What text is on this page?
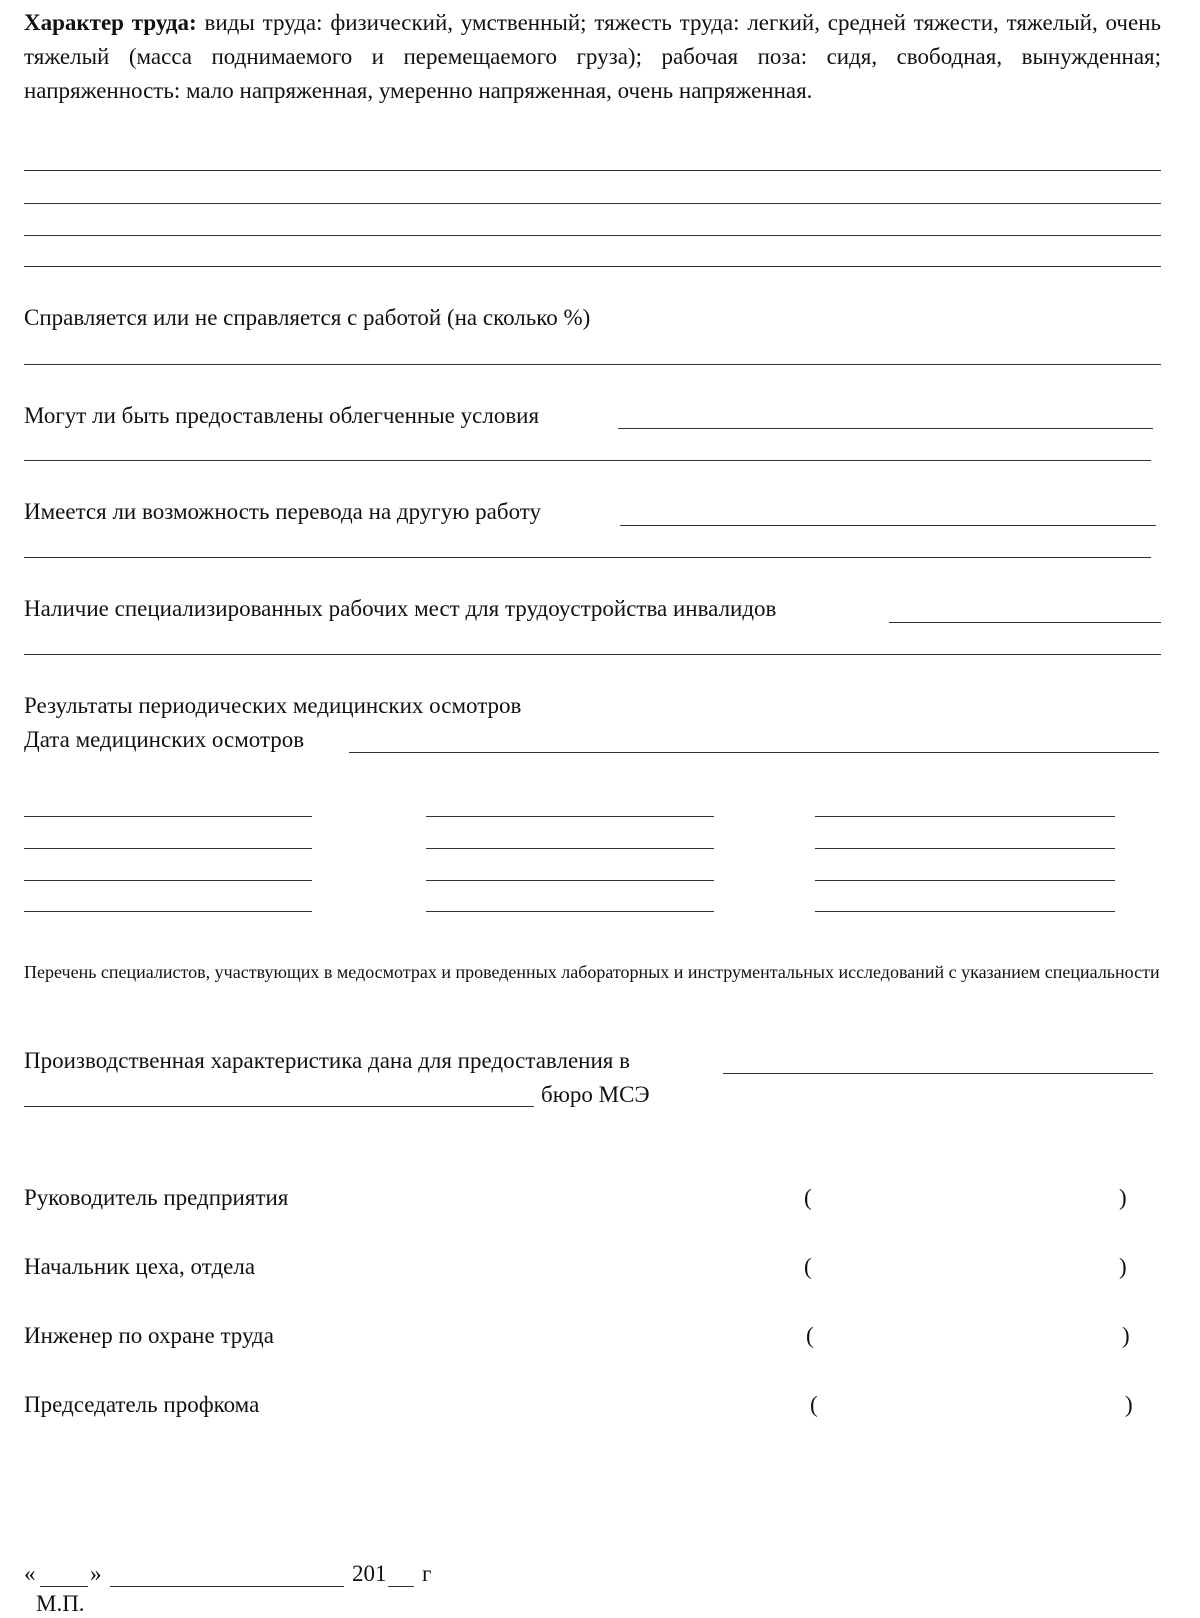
Характер труда: виды труда: физический, умственный; тяжесть труда: легкий, средней тяжести, тяжелый, очень тяжелый (масса поднимаемого и перемещаемого груза); рабочая поза: сидя, свободная, вынужденная; напряженность: мало напряженная, умеренно напряженная, очень напряженная.
Справляется или не справляется с работой (на сколько %)
Могут ли быть предоставлены облегченные условия
Имеется ли возможность перевода на другую работу
Наличие специализированных рабочих мест для трудоустройства инвалидов
Результаты периодических медицинских осмотров
Дата медицинских осмотров
Перечень специалистов, участвующих в медосмотрах и проведенных лабораторных и инструментальных исследований с указанием специальности
Производственная характеристика дана для предоставления в
бюро МСЭ
Руководитель предприятия	(	)
Начальник цеха, отдела	(	)
Инженер по охране труда	(	)
Председатель профкома	(	)
« »	201 г
М.П.
